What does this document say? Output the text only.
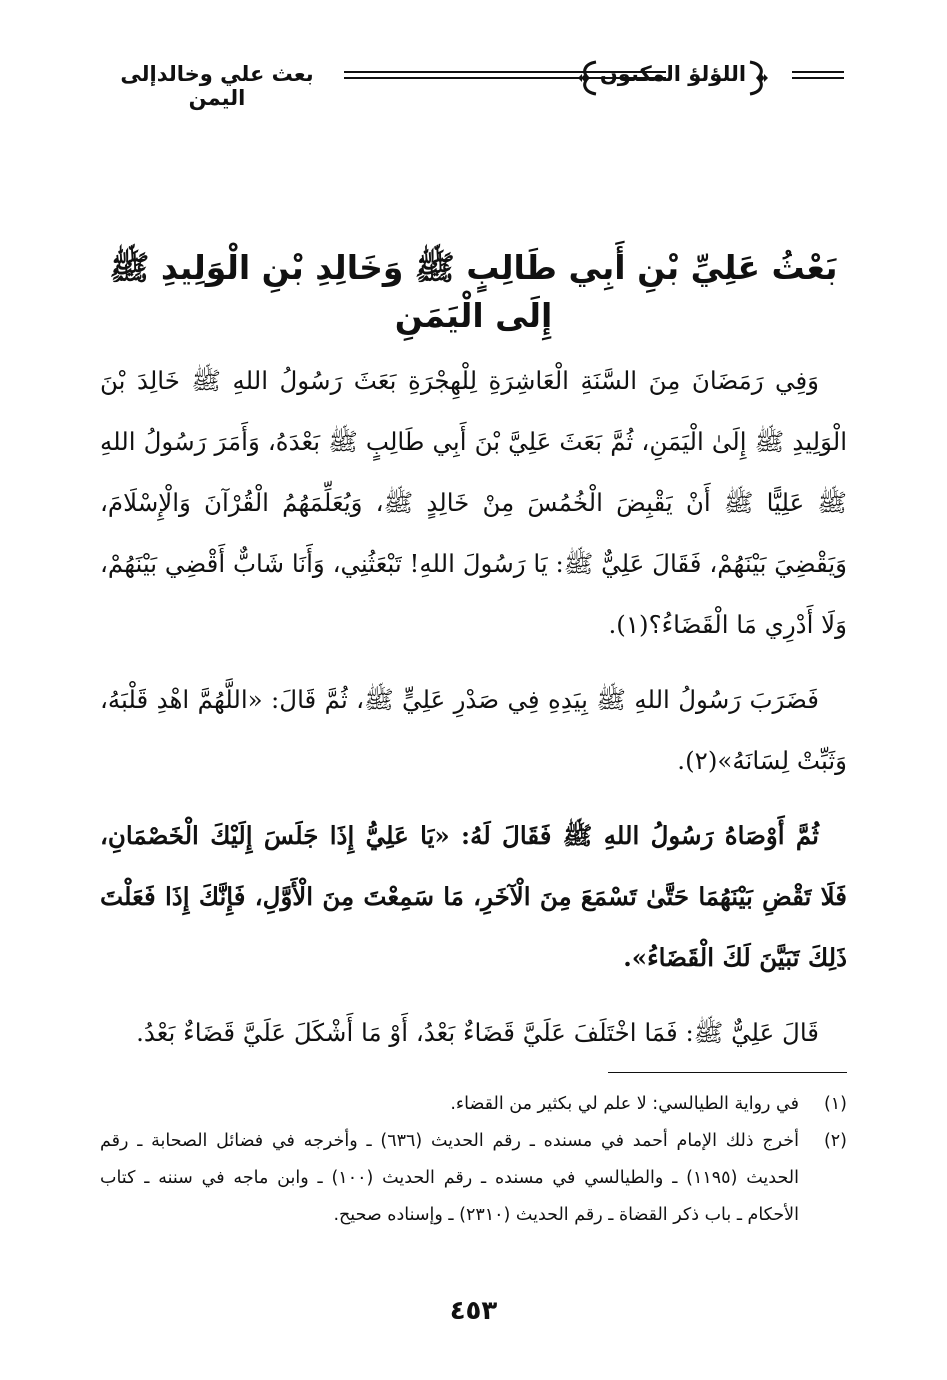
بعث علي وخالدإلى اليمن
اللؤلؤ المكنون
بَعْثُ عَلِيِّ بْنِ أَبِي طَالِبٍ ﷺ وَخَالِدِ بْنِ الْوَلِيدِ ﷺ إِلَى الْيَمَنِ

وَفِي رَمَضَانَ مِنَ السَّنَةِ الْعَاشِرَةِ لِلْهِجْرَةِ بَعَثَ رَسُولُ اللهِ ﷺ خَالِدَ بْنَ الْوَلِيدِ ﷺ إِلَىٰ الْيَمَنِ، ثُمَّ بَعَثَ عَلِيَّ بْنَ أَبِي طَالِبٍ ﷺ بَعْدَهُ، وَأَمَرَ رَسُولُ اللهِ ﷺ عَلِيًّا ﷺ أَنْ يَقْبِضَ الْخُمُسَ مِنْ خَالِدٍ ﷺ، وَيُعَلِّمَهُمُ الْقُرْآنَ وَالْإِسْلَامَ، وَيَقْضِيَ بَيْنَهُمْ، فَقَالَ عَلِيٌّ ﷺ: يَا رَسُولَ اللهِ! تَبْعَثُنِي، وَأَنَا شَابٌّ أَقْضِي بَيْنَهُمْ، وَلَا أَدْرِي مَا الْقَضَاءُ؟(١).

فَضَرَبَ رَسُولُ اللهِ ﷺ بِيَدِهِ فِي صَدْرِ عَلِيٍّ ﷺ، ثُمَّ قَالَ: «اللَّهُمَّ اهْدِ قَلْبَهُ، وَثَبِّتْ لِسَانَهُ»(٢).

ثُمَّ أَوْصَاهُ رَسُولُ اللهِ ﷺ فَقَالَ لَهُ: «يَا عَلِيُّ إِذَا جَلَسَ إِلَيْكَ الْخَصْمَانِ، فَلَا تَقْضِ بَيْنَهُمَا حَتَّىٰ تَسْمَعَ مِنَ الْآخَرِ، مَا سَمِعْتَ مِنَ الْأَوَّلِ، فَإِنَّكَ إِذَا فَعَلْتَ ذَلِكَ تَبَيَّنَ لَكَ الْقَضَاءُ».

قَالَ عَلِيٌّ ﷺ: فَمَا اخْتَلَفَ عَلَيَّ قَضَاءٌ بَعْدُ، أَوْ مَا أَشْكَلَ عَلَيَّ قَضَاءٌ بَعْدُ.

(١)
في رواية الطيالسي: لا علم لي بكثير من القضاء.
(٢)
أخرج ذلك الإمام أحمد في مسنده ـ رقم الحديث (٦٣٦) ـ وأخرجه في فضائل الصحابة ـ رقم الحديث (١١٩٥) ـ والطيالسي في مسنده ـ رقم الحديث (١٠٠) ـ وابن ماجه في سننه ـ كتاب الأحكام ـ باب ذكر القضاة ـ رقم الحديث (٢٣١٠) ـ وإسناده صحيح.
٤٥٣
